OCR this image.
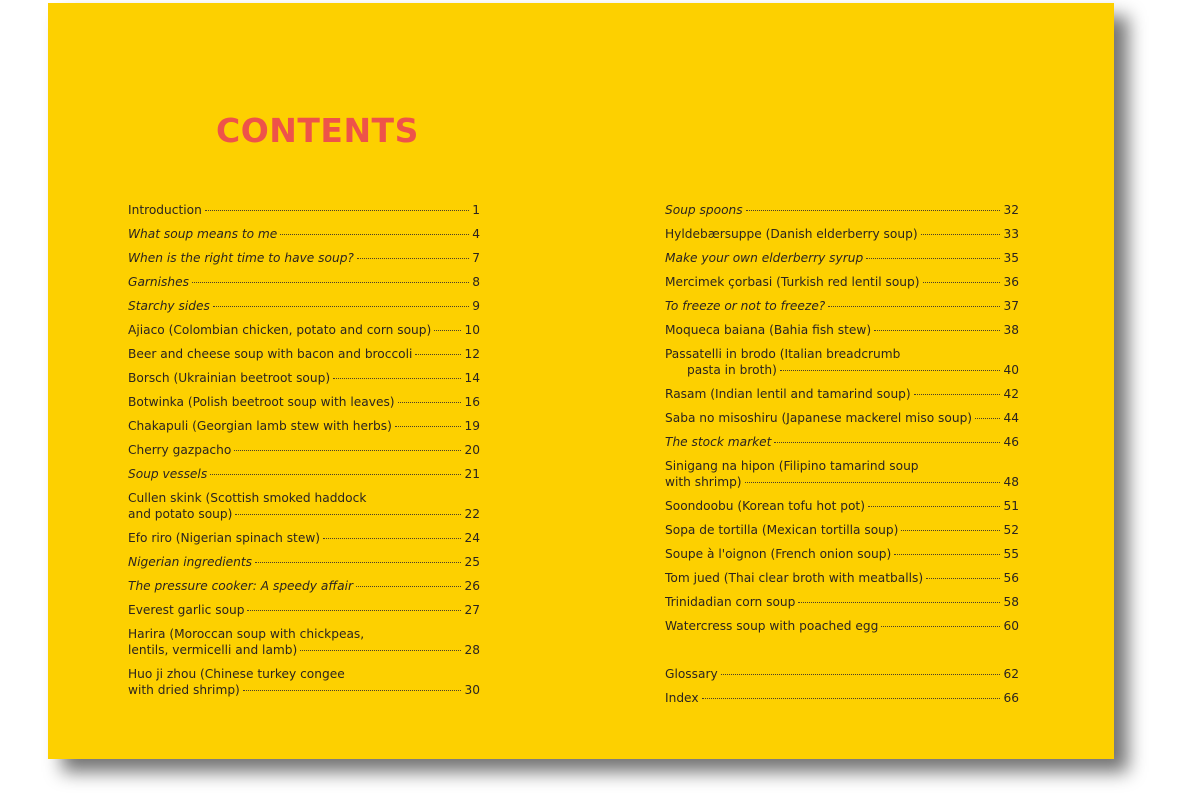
CONTENTS
Introduction	1
What soup means to me	4
When is the right time to have soup?	7
Garnishes	8
Starchy sides	9
Ajiaco (Colombian chicken, potato and corn soup)	10
Beer and cheese soup with bacon and broccoli	12
Borsch (Ukrainian beetroot soup)	14
Botwinka (Polish beetroot soup with leaves)	16
Chakapuli (Georgian lamb stew with herbs)	19
Cherry gazpacho	20
Soup vessels	21
Cullen skink (Scottish smoked haddock
and potato soup)	22
Efo riro (Nigerian spinach stew)	24
Nigerian ingredients	25
The pressure cooker: A speedy affair	26
Everest garlic soup	27
Harira (Moroccan soup with chickpeas,
lentils, vermicelli and lamb)	28
Huo ji zhou (Chinese turkey congee
with dried shrimp)	30
Soup spoons	32
Hyldebærsuppe (Danish elderberry soup)	33
Make your own elderberry syrup	35
Mercimek çorbasi (Turkish red lentil soup)	36
To freeze or not to freeze?	37
Moqueca baiana (Bahia fish stew)	38
Passatelli in brodo (Italian breadcrumb
pasta in broth)	40
Rasam (Indian lentil and tamarind soup)	42
Saba no misoshiru (Japanese mackerel miso soup)	44
The stock market	46
Sinigang na hipon (Filipino tamarind soup
with shrimp)	48
Soondoobu (Korean tofu hot pot)	51
Sopa de tortilla (Mexican tortilla soup)	52
Soupe à l'oignon (French onion soup)	55
Tom jued (Thai clear broth with meatballs)	56
Trinidadian corn soup	58
Watercress soup with poached egg	60
Glossary	62
Index	66
